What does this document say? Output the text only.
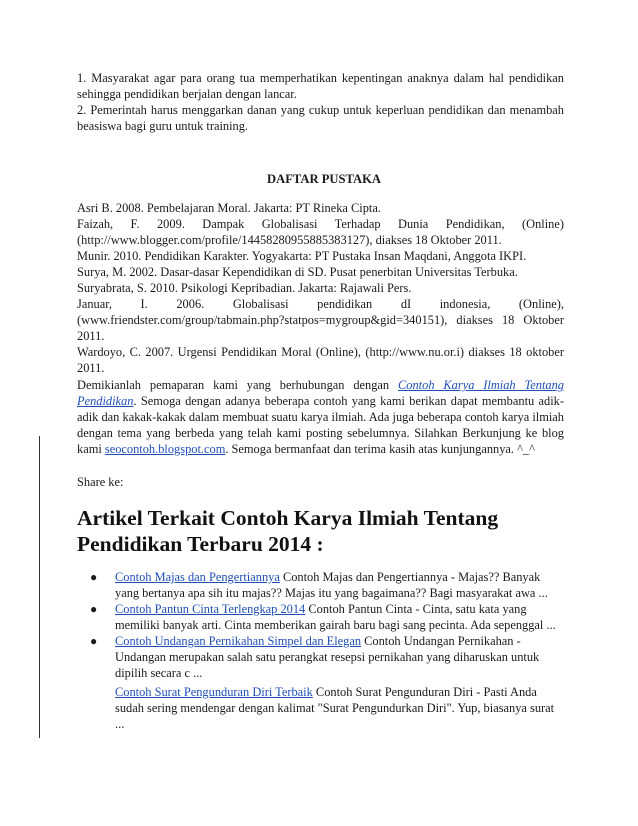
1. Masyarakat agar para orang tua memperhatikan kepentingan anaknya dalam hal pendidikan sehingga pendidikan berjalan dengan lancar.

2. Pemerintah harus menggarkan danan yang cukup untuk keperluan pendidikan dan menambah beasiswa bagi guru untuk training.

DAFTAR PUSTAKA

Asri B. 2008. Pembelajaran Moral. Jakarta: PT Rineka Cipta.

Faizah, F. 2009. Dampak Globalisasi Terhadap Dunia Pendidikan, (Online)(http://www.blogger.com/profile/14458280955885383127), diakses 18 Oktober 2011.

Munir. 2010. Pendidikan Karakter. Yogyakarta: PT Pustaka Insan Maqdani, Anggota IKPI.

Surya, M. 2002. Dasar-dasar Kependidikan di SD. Pusat penerbitan Universitas Terbuka.

Suryabrata, S. 2010. Psikologi Kepribadian. Jakarta: Rajawali Pers.

Januar, I. 2006. Globalisasi pendidikan dI indonesia, (Online),(www.friendster.com/group/tabmain.php?statpos=mygroup&gid=340151), diakses 18 Oktober 2011.

Wardoyo, C. 2007. Urgensi Pendidikan Moral (Online), (http://www.nu.or.i) diakses 18 oktober 2011.

Demikianlah pemaparan kami yang berhubungan dengan Contoh Karya Ilmiah Tentang Pendidikan. Semoga dengan adanya beberapa contoh yang kami berikan dapat membantu adik-adik dan kakak-kakak dalam membuat suatu karya ilmiah. Ada juga beberapa contoh karya ilmiah dengan tema yang berbeda yang telah kami posting sebelumnya. Silahkan Berkunjung ke blog kami seocontoh.blogspot.com. Semoga bermanfaat dan terima kasih atas kunjungannya. ^_^

Share ke:
Artikel Terkait Contoh Karya Ilmiah Tentang Pendidikan Terbaru 2014 :
● Contoh Majas dan Pengertiannya Contoh Majas dan Pengertiannya - Majas?? Banyak yang bertanya apa sih itu majas?? Majas itu yang bagaimana?? Bagi masyarakat awa ...
● Contoh Pantun Cinta Terlengkap 2014 Contoh Pantun Cinta - Cinta, satu kata yang memiliki banyak arti. Cinta memberikan gairah baru bagi sang pecinta. Ada sepenggal ...
● Contoh Undangan Pernikahan Simpel dan Elegan Contoh Undangan Pernikahan - Undangan merupakan salah satu perangkat resepsi pernikahan yang diharuskan untuk dipilih secara c ...
Contoh Surat Pengunduran Diri Terbaik Contoh Surat Pengunduran Diri - Pasti Anda sudah sering mendengar dengan kalimat "Surat Pengundurkan Diri". Yup, biasanya surat ...
